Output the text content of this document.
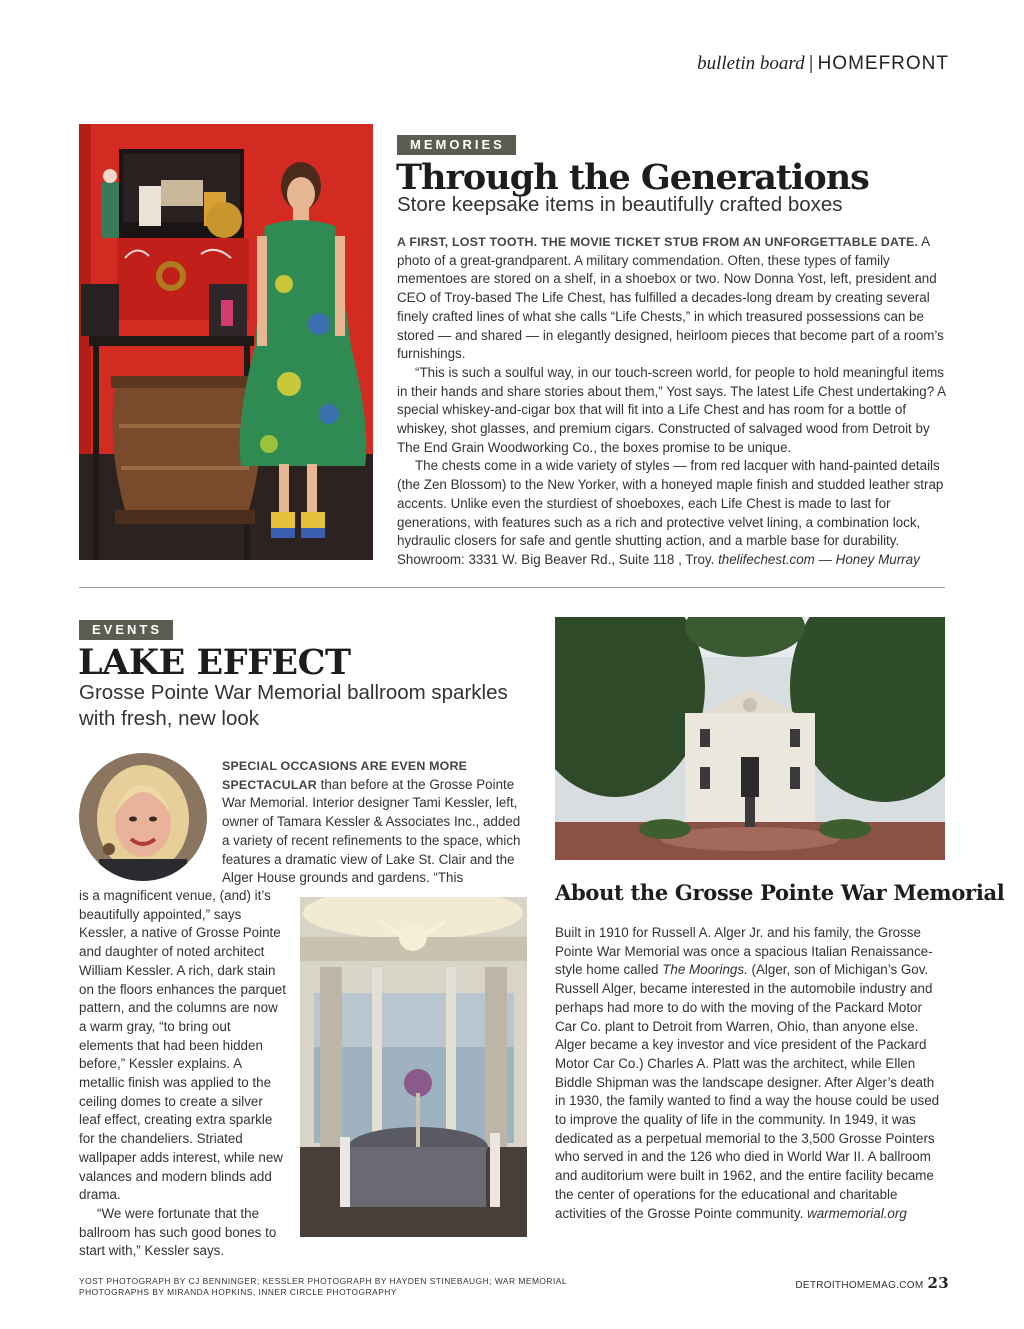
bulletin board | HOMEFRONT
MEMORIES
Through the Generations
Store keepsake items in beautifully crafted boxes

A FIRST, LOST TOOTH. THE MOVIE TICKET STUB FROM AN UNFORGETTABLE DATE. A photo of a great-grandparent. A military commendation. Often, these types of family mementoes are stored on a shelf, in a shoebox or two. Now Donna Yost, left, president and CEO of Troy-based The Life Chest, has fulfilled a decades-long dream by creating several finely crafted lines of what she calls “Life Chests,” in which treasured possessions can be stored — and shared — in elegantly designed, heirloom pieces that become part of a room’s furnishings.

“This is such a soulful way, in our touch-screen world, for people to hold meaningful items in their hands and share stories about them,” Yost says. The latest Life Chest undertaking? A special whiskey-and-cigar box that will fit into a Life Chest and has room for a bottle of whiskey, shot glasses, and premium cigars. Constructed of salvaged wood from Detroit by The End Grain Woodworking Co., the boxes promise to be unique.

The chests come in a wide variety of styles — from red lacquer with hand-painted details (the Zen Blossom) to the New Yorker, with a honeyed maple finish and studded leather strap accents. Unlike even the sturdiest of shoeboxes, each Life Chest is made to last for generations, with features such as a rich and protective velvet lining, a combination lock, hydraulic closers for safe and gentle shutting action, and a marble base for durability. Showroom: 3331 W. Big Beaver Rd., Suite 118 , Troy. thelifechest.com — Honey Murray

EVENTS
LAKE EFFECT
Grosse Pointe War Memorial ballroom sparkles
with fresh, new look

SPECIAL OCCASIONS ARE EVEN MORE SPECTACULAR than before at the Grosse Pointe War Memorial. Interior designer Tami Kessler, left, owner of Tamara Kessler & Associates Inc., added a variety of recent refinements to the space, which features a dramatic view of Lake St. Clair and the Alger House grounds and gardens. “This

is a magnificent venue, (and) it’s beautifully appointed,” says Kessler, a native of Grosse Pointe and daughter of noted architect William Kessler. A rich, dark stain on the floors enhances the parquet pattern, and the columns are now a warm gray, “to bring out elements that had been hidden before,” Kessler explains. A metallic finish was applied to the ceiling domes to create a silver leaf effect, creating extra sparkle for the chandeliers. Striated wallpaper adds interest, while new valances and modern blinds add drama.

“We were fortunate that the ballroom has such good bones to start with,” Kessler says.

About the Grosse Pointe War Memorial

Built in 1910 for Russell A. Alger Jr. and his family, the Grosse Pointe War Memorial was once a spacious Italian Renaissance-style home called The Moorings. (Alger, son of Michigan’s Gov. Russell Alger, became interested in the automobile industry and perhaps had more to do with the moving of the Packard Motor Car Co. plant to Detroit from Warren, Ohio, than anyone else. Alger became a key investor and vice president of the Packard Motor Car Co.) Charles A. Platt was the architect, while Ellen Biddle Shipman was the landscape designer. After Alger’s death in 1930, the family wanted to find a way the house could be used to improve the quality of life in the community. In 1949, it was dedicated as a perpetual memorial to the 3,500 Grosse Pointers who served in and the 126 who died in World War II. A ballroom and auditorium were built in 1962, and the entire facility became the center of operations for the educational and charitable activities of the Grosse Pointe community. warmemorial.org

YOST PHOTOGRAPH BY CJ BENNINGER; KESSLER PHOTOGRAPH BY HAYDEN STINEBAUGH; WAR MEMORIAL
PHOTOGRAPHS BY MIRANDA HOPKINS, INNER CIRCLE PHOTOGRAPHY
DETROITHOMEMAG.COM 23
